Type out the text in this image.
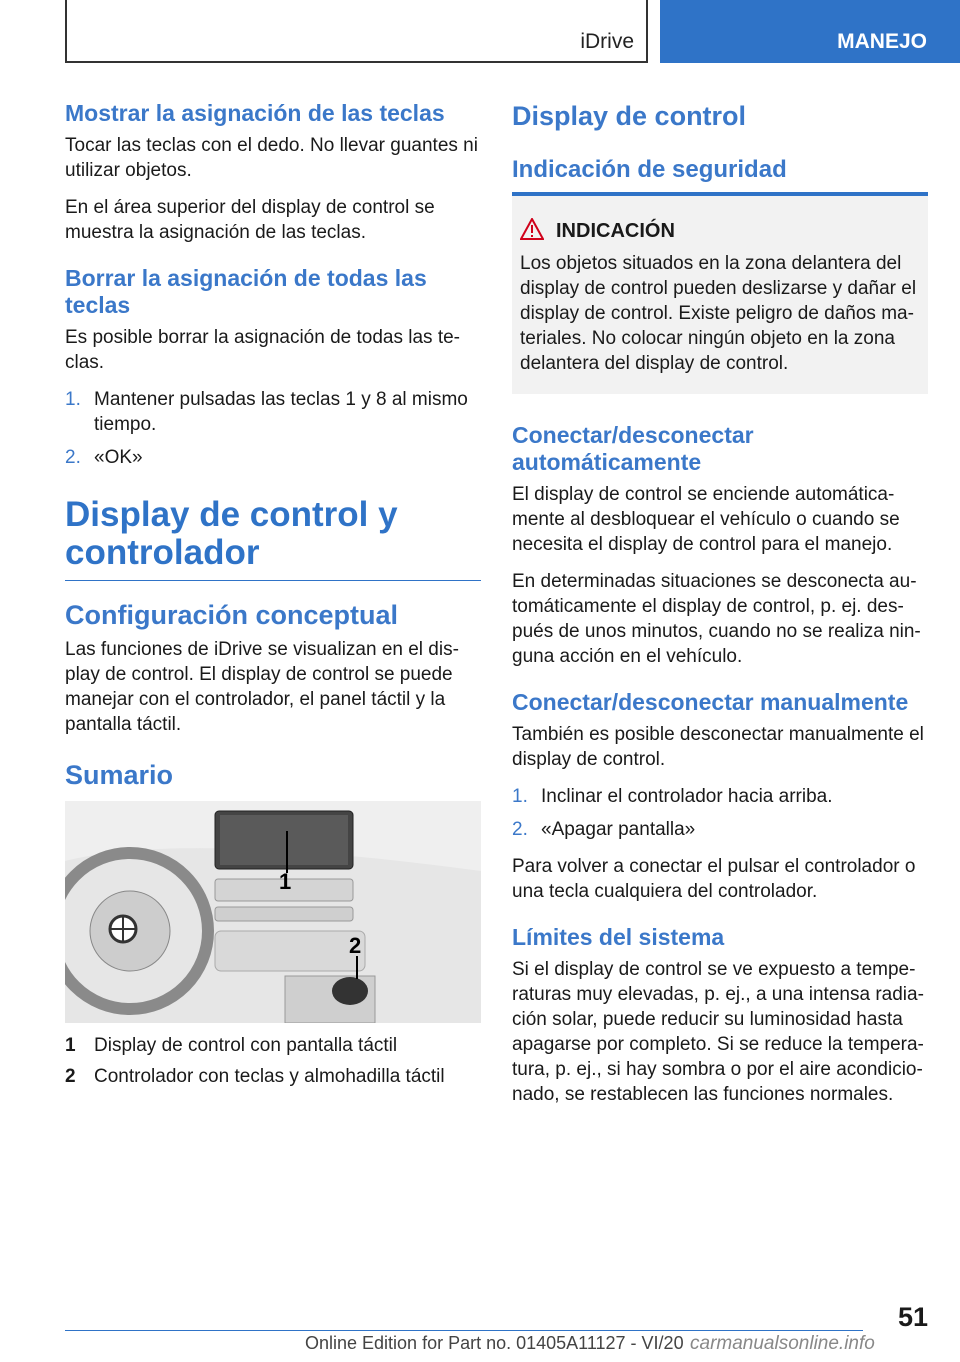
iDrive	MANEJO
Mostrar la asignación de las teclas

Tocar las teclas con el dedo. No llevar guantes ni utilizar objetos.

En el área superior del display de control se muestra la asignación de las teclas.

Borrar la asignación de todas las teclas

Es posible borrar la asignación de todas las te‐ clas.

1. Mantener pulsadas las teclas 1 y 8 al mismo tiempo.
2. «OK»
Display de control y controlador
Configuración conceptual

Las funciones de iDrive se visualizan en el dis‐ play de control. El display de control se puede manejar con el controlador, el panel táctil y la pantalla táctil.

Sumario
1
2
1 Display de control con pantalla táctil
2 Controlador con teclas y almohadilla táctil
Display de control
Indicación de seguridad
INDICACIÓN

Los objetos situados en la zona delantera del display de control pueden deslizarse y dañar el display de control. Existe peligro de daños ma‐ teriales. No colocar ningún objeto en la zona delantera del display de control.

Conectar/desconectar automáticamente

El display de control se enciende automática‐ mente al desbloquear el vehículo o cuando se necesita el display de control para el manejo.

En determinadas situaciones se desconecta au‐ tomáticamente el display de control, p. ej. des‐ pués de unos minutos, cuando no se realiza nin‐ guna acción en el vehículo.

Conectar/desconectar manualmente

También es posible desconectar manualmente el display de control.

1. Inclinar el controlador hacia arriba.
2. «Apagar pantalla»

Para volver a conectar el pulsar el controlador o una tecla cualquiera del controlador.

Límites del sistema

Si el display de control se ve expuesto a tempe‐ raturas muy elevadas, p. ej., a una intensa radia‐ ción solar, puede reducir su luminosidad hasta apagarse por completo. Si se reduce la tempera‐ tura, p. ej., si hay sombra o por el aire acondicio‐ nado, se restablecen las funciones normales.

51
Online Edition for Part no. 01405A11127 - VI/20 carmanualsonline.info
